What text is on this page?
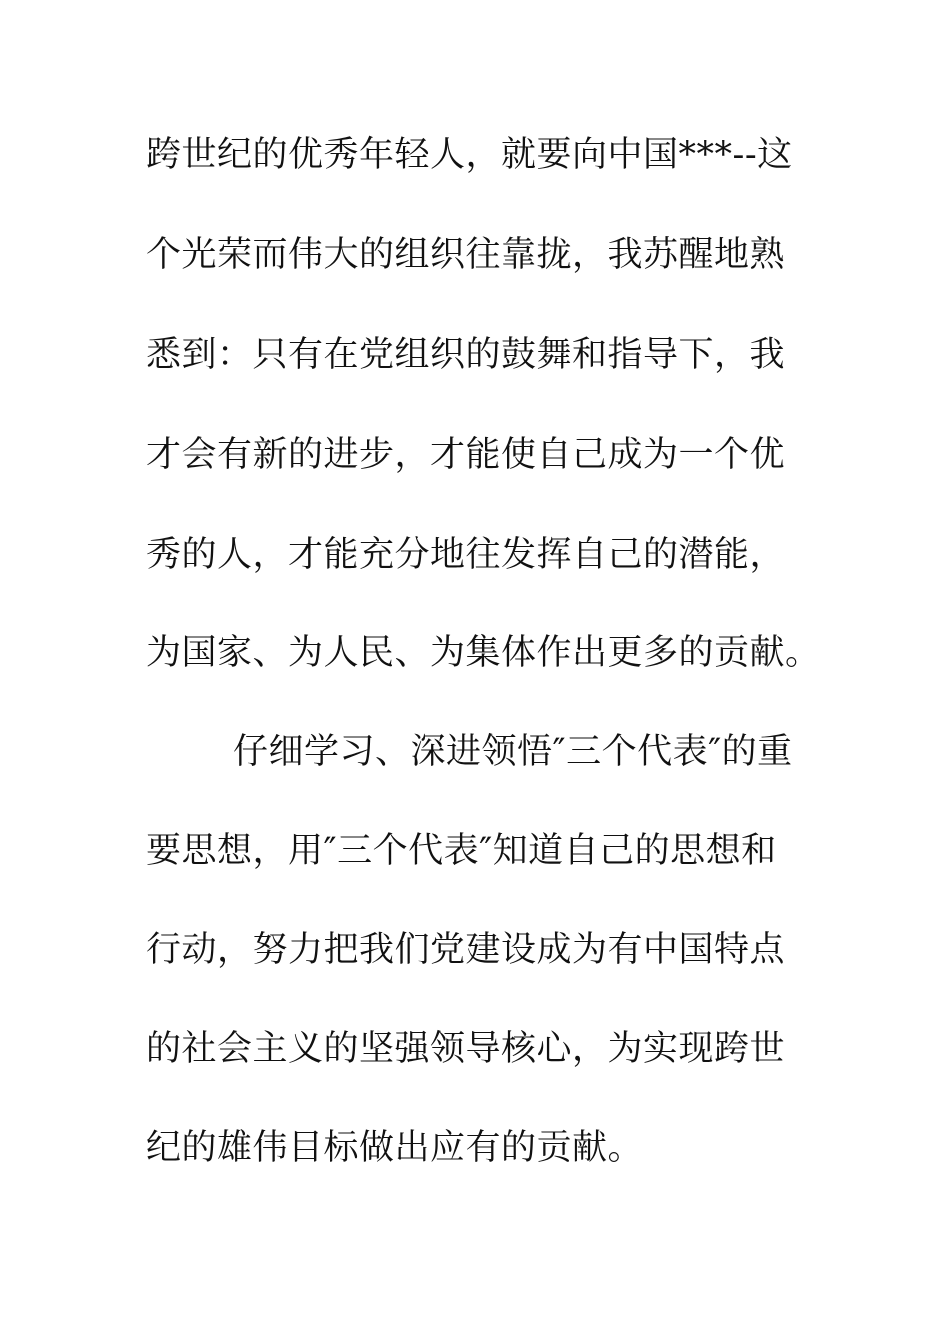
跨世纪的优秀年轻人，就要向中国***--这
个光荣而伟大的组织往靠拢，我苏醒地熟
悉到：只有在党组织的鼓舞和指导下，我
才会有新的进步，才能使自己成为一个优
秀的人，才能充分地往发挥自己的潜能，
为国家、为人民、为集体作出更多的贡献。
仔细学习、深进领悟″三个代表″的重
要思想，用″三个代表″知道自己的思想和
行动，努力把我们党建设成为有中国特点
的社会主义的坚强领导核心，为实现跨世
纪的雄伟目标做出应有的贡献。
